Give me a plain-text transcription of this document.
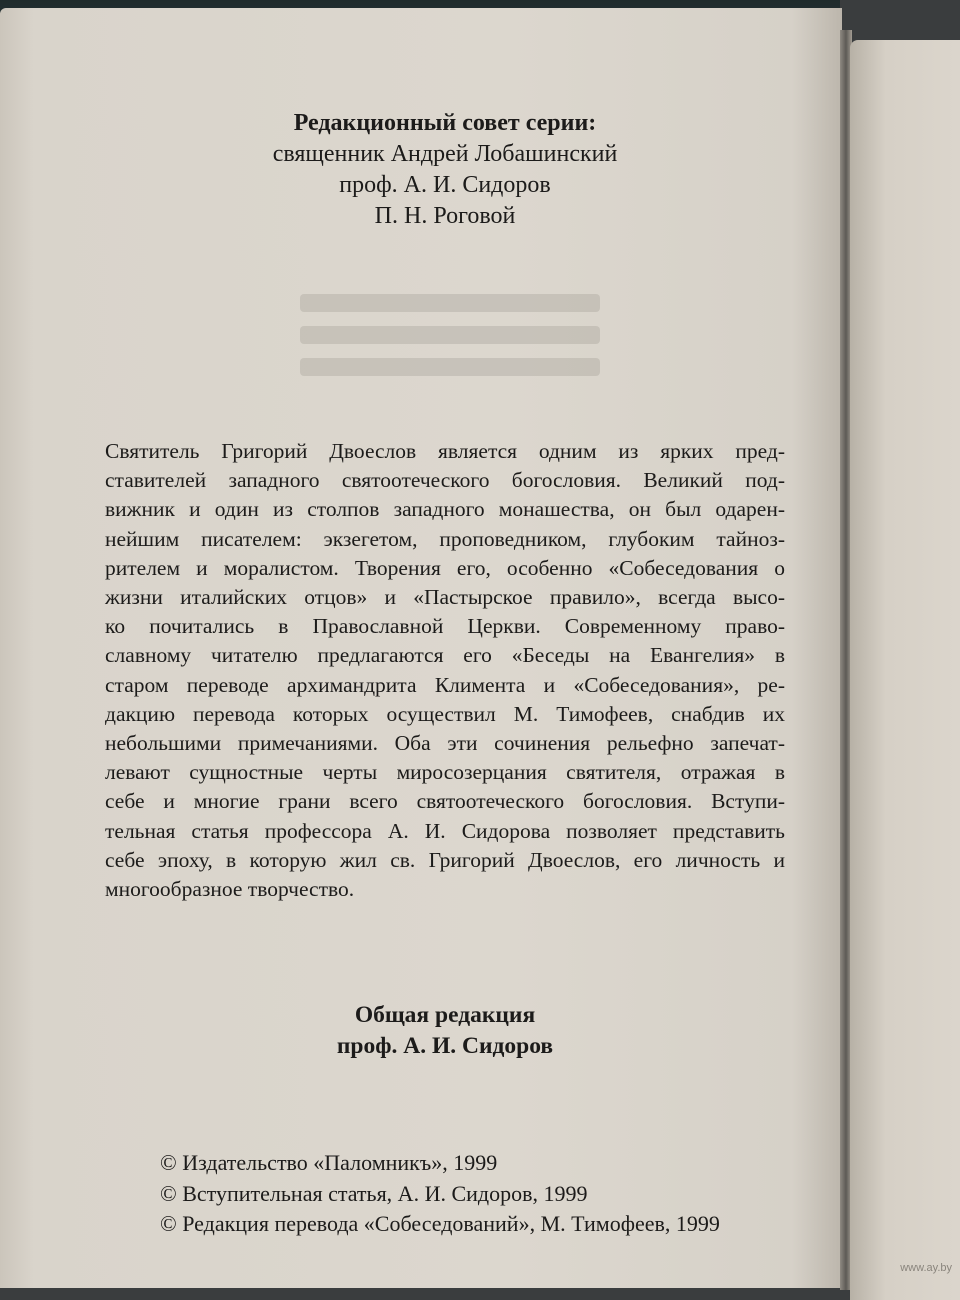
Редакционный совет серии:
священник Андрей Лобашинский
проф. А. И. Сидоров
П. Н. Роговой
Святитель Григорий Двоеслов является одним из ярких пред-
ставителей западного святоотеческого богословия. Великий под-
вижник и один из столпов западного монашества, он был одарен-
нейшим писателем: экзегетом, проповедником, глубоким тайноз-
рителем и моралистом. Творения его, особенно «Собеседования о
жизни италийских отцов» и «Пастырское правило», всегда высо-
ко почитались в Православной Церкви. Современному право-
славному читателю предлагаются его «Беседы на Евангелия» в
старом переводе архимандрита Климента и «Собеседования», ре-
дакцию перевода которых осуществил М. Тимофеев, снабдив их
небольшими примечаниями. Оба эти сочинения рельефно запечат-
левают сущностные черты миросозерцания святителя, отражая в
себе и многие грани всего святоотеческого богословия. Вступи-
тельная статья профессора А. И. Сидорова позволяет представить
себе эпоху, в которую жил св. Григорий Двоеслов, его личность и
многообразное творчество.
Общая редакция
проф. А. И. Сидоров
© Издательство «Паломникъ», 1999
© Вступительная статья, А. И. Сидоров, 1999
© Редакция перевода «Собеседований», М. Тимофеев, 1999
www.ay.by
